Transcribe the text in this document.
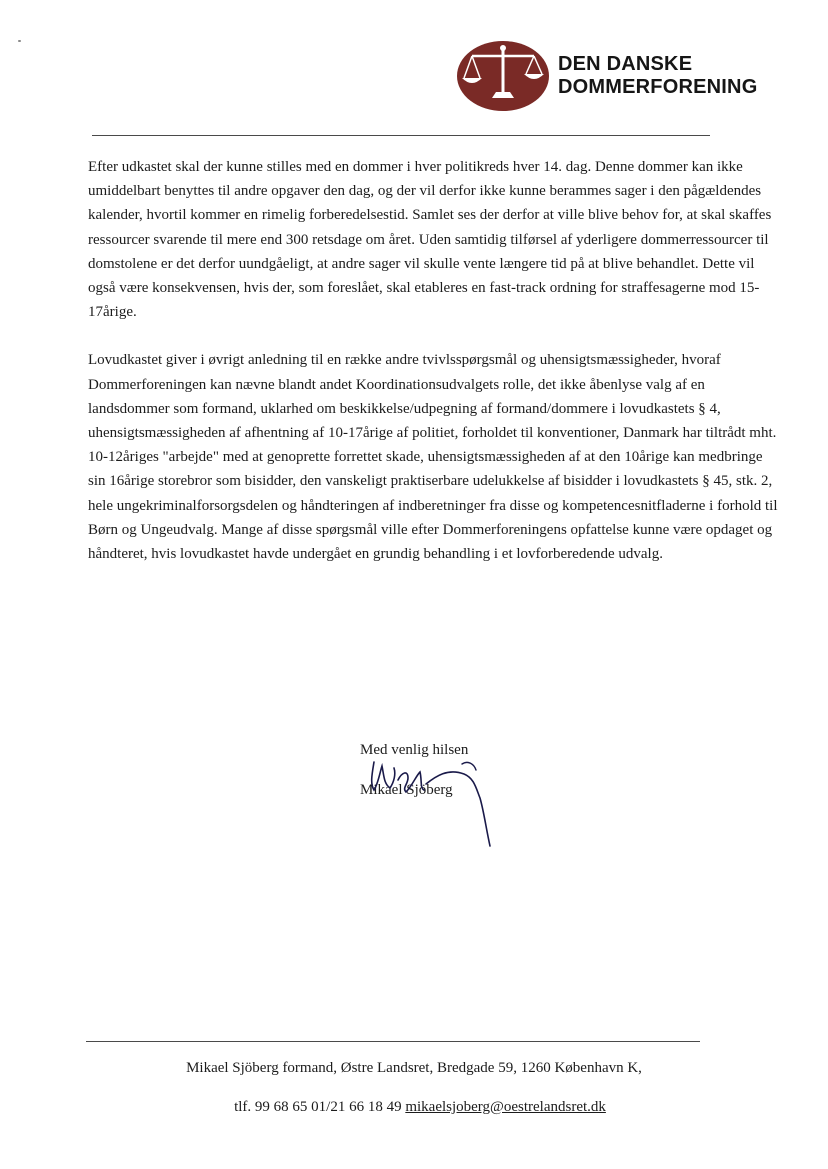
DEN DANSKE
DOMMERFORENING

Efter udkastet skal der kunne stilles med en dommer i hver politikreds hver 14. dag. Denne dommer kan ikke umiddelbart benyttes til andre opgaver den dag, og der vil derfor ikke kunne berammes sager i den pågældendes kalender, hvortil kommer en rimelig forberedelsestid. Samlet ses der derfor at ville blive behov for, at skal skaffes ressourcer svarende til mere end 300 retsdage om året. Uden samtidig tilførsel af yderligere dommerressourcer til domstolene er det derfor uundgåeligt, at andre sager vil skulle vente længere tid på at blive behandlet. Dette vil også være konsekvensen, hvis der, som foreslået, skal etableres en fast-track ordning for straffesagerne mod 15-17årige.

Lovudkastet giver i øvrigt anledning til en række andre tvivlsspørgsmål og uhensigtsmæssigheder, hvoraf Dommerforeningen kan nævne blandt andet Koordinationsudvalgets rolle, det ikke åbenlyse valg af en landsdommer som formand, uklarhed om beskikkelse/udpegning af formand/dommere i lovudkastets § 4, uhensigtsmæssigheden af afhentning af 10-17årige af politiet, forholdet til konventioner, Danmark har tiltrådt mht. 10-12åriges "arbejde" med at genoprette forrettet skade, uhensigtsmæssigheden af at den 10årige kan medbringe sin 16årige storebror som bisidder, den vanskeligt praktiserbare udelukkelse af bisidder i lovudkastets § 45, stk. 2, hele ungekriminalforsorgsdelen og håndteringen af indberetninger fra disse og kompetencesnitfladerne i forhold til Børn og Ungeudvalg. Mange af disse spørgsmål ville efter Dommerforeningens opfattelse kunne være opdaget og håndteret, hvis lovudkastet havde undergået en grundig behandling i et lovforberedende udvalg.

Med venlig hilsen
Mikael Sjöberg
Mikael Sjöberg formand, Østre Landsret, Bredgade 59, 1260 København K,
tlf. 99 68 65 01/21 66 18 49 mikaelsjoberg@oestrelandsret.dk
